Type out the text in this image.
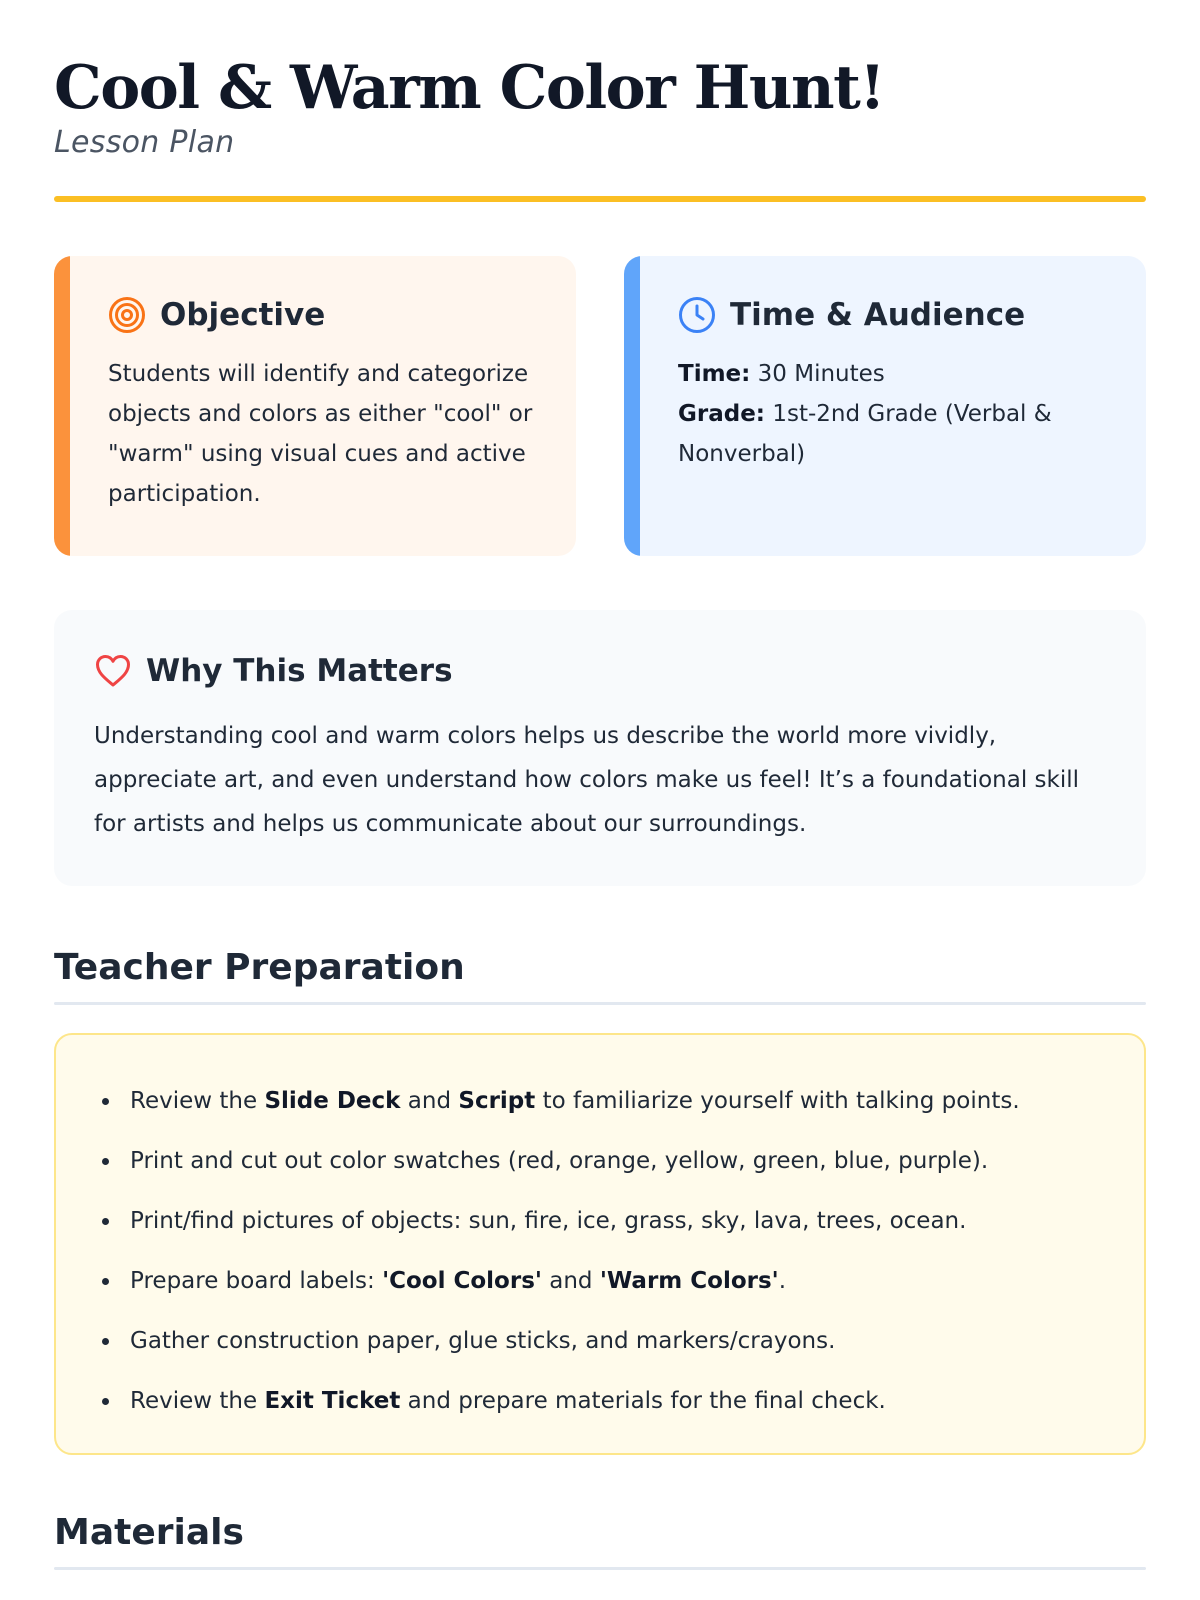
Cool & Warm Color Hunt!

Lesson Plan

Objective

Students will identify and categorize objects and colors as either "cool" or "warm" using visual cues and active participation.

Time & Audience

Time: 30 Minutes

Grade: 1st-2nd Grade (Verbal & Nonverbal)

Why This Matters

Understanding cool and warm colors helps us describe the world more vividly, appreciate art, and even understand how colors make us feel! It’s a foundational skill for artists and helps us communicate about our surroundings.

Teacher Preparation
Review the Slide Deck and Script to familiarize yourself with talking points.
Print and cut out color swatches (red, orange, yellow, green, blue, purple).
Print/find pictures of objects: sun, fire, ice, grass, sky, lava, trees, ocean.
Prepare board labels: 'Cool Colors' and 'Warm Colors'.
Gather construction paper, glue sticks, and markers/crayons.
Review the Exit Ticket and prepare materials for the final check.
Materials
